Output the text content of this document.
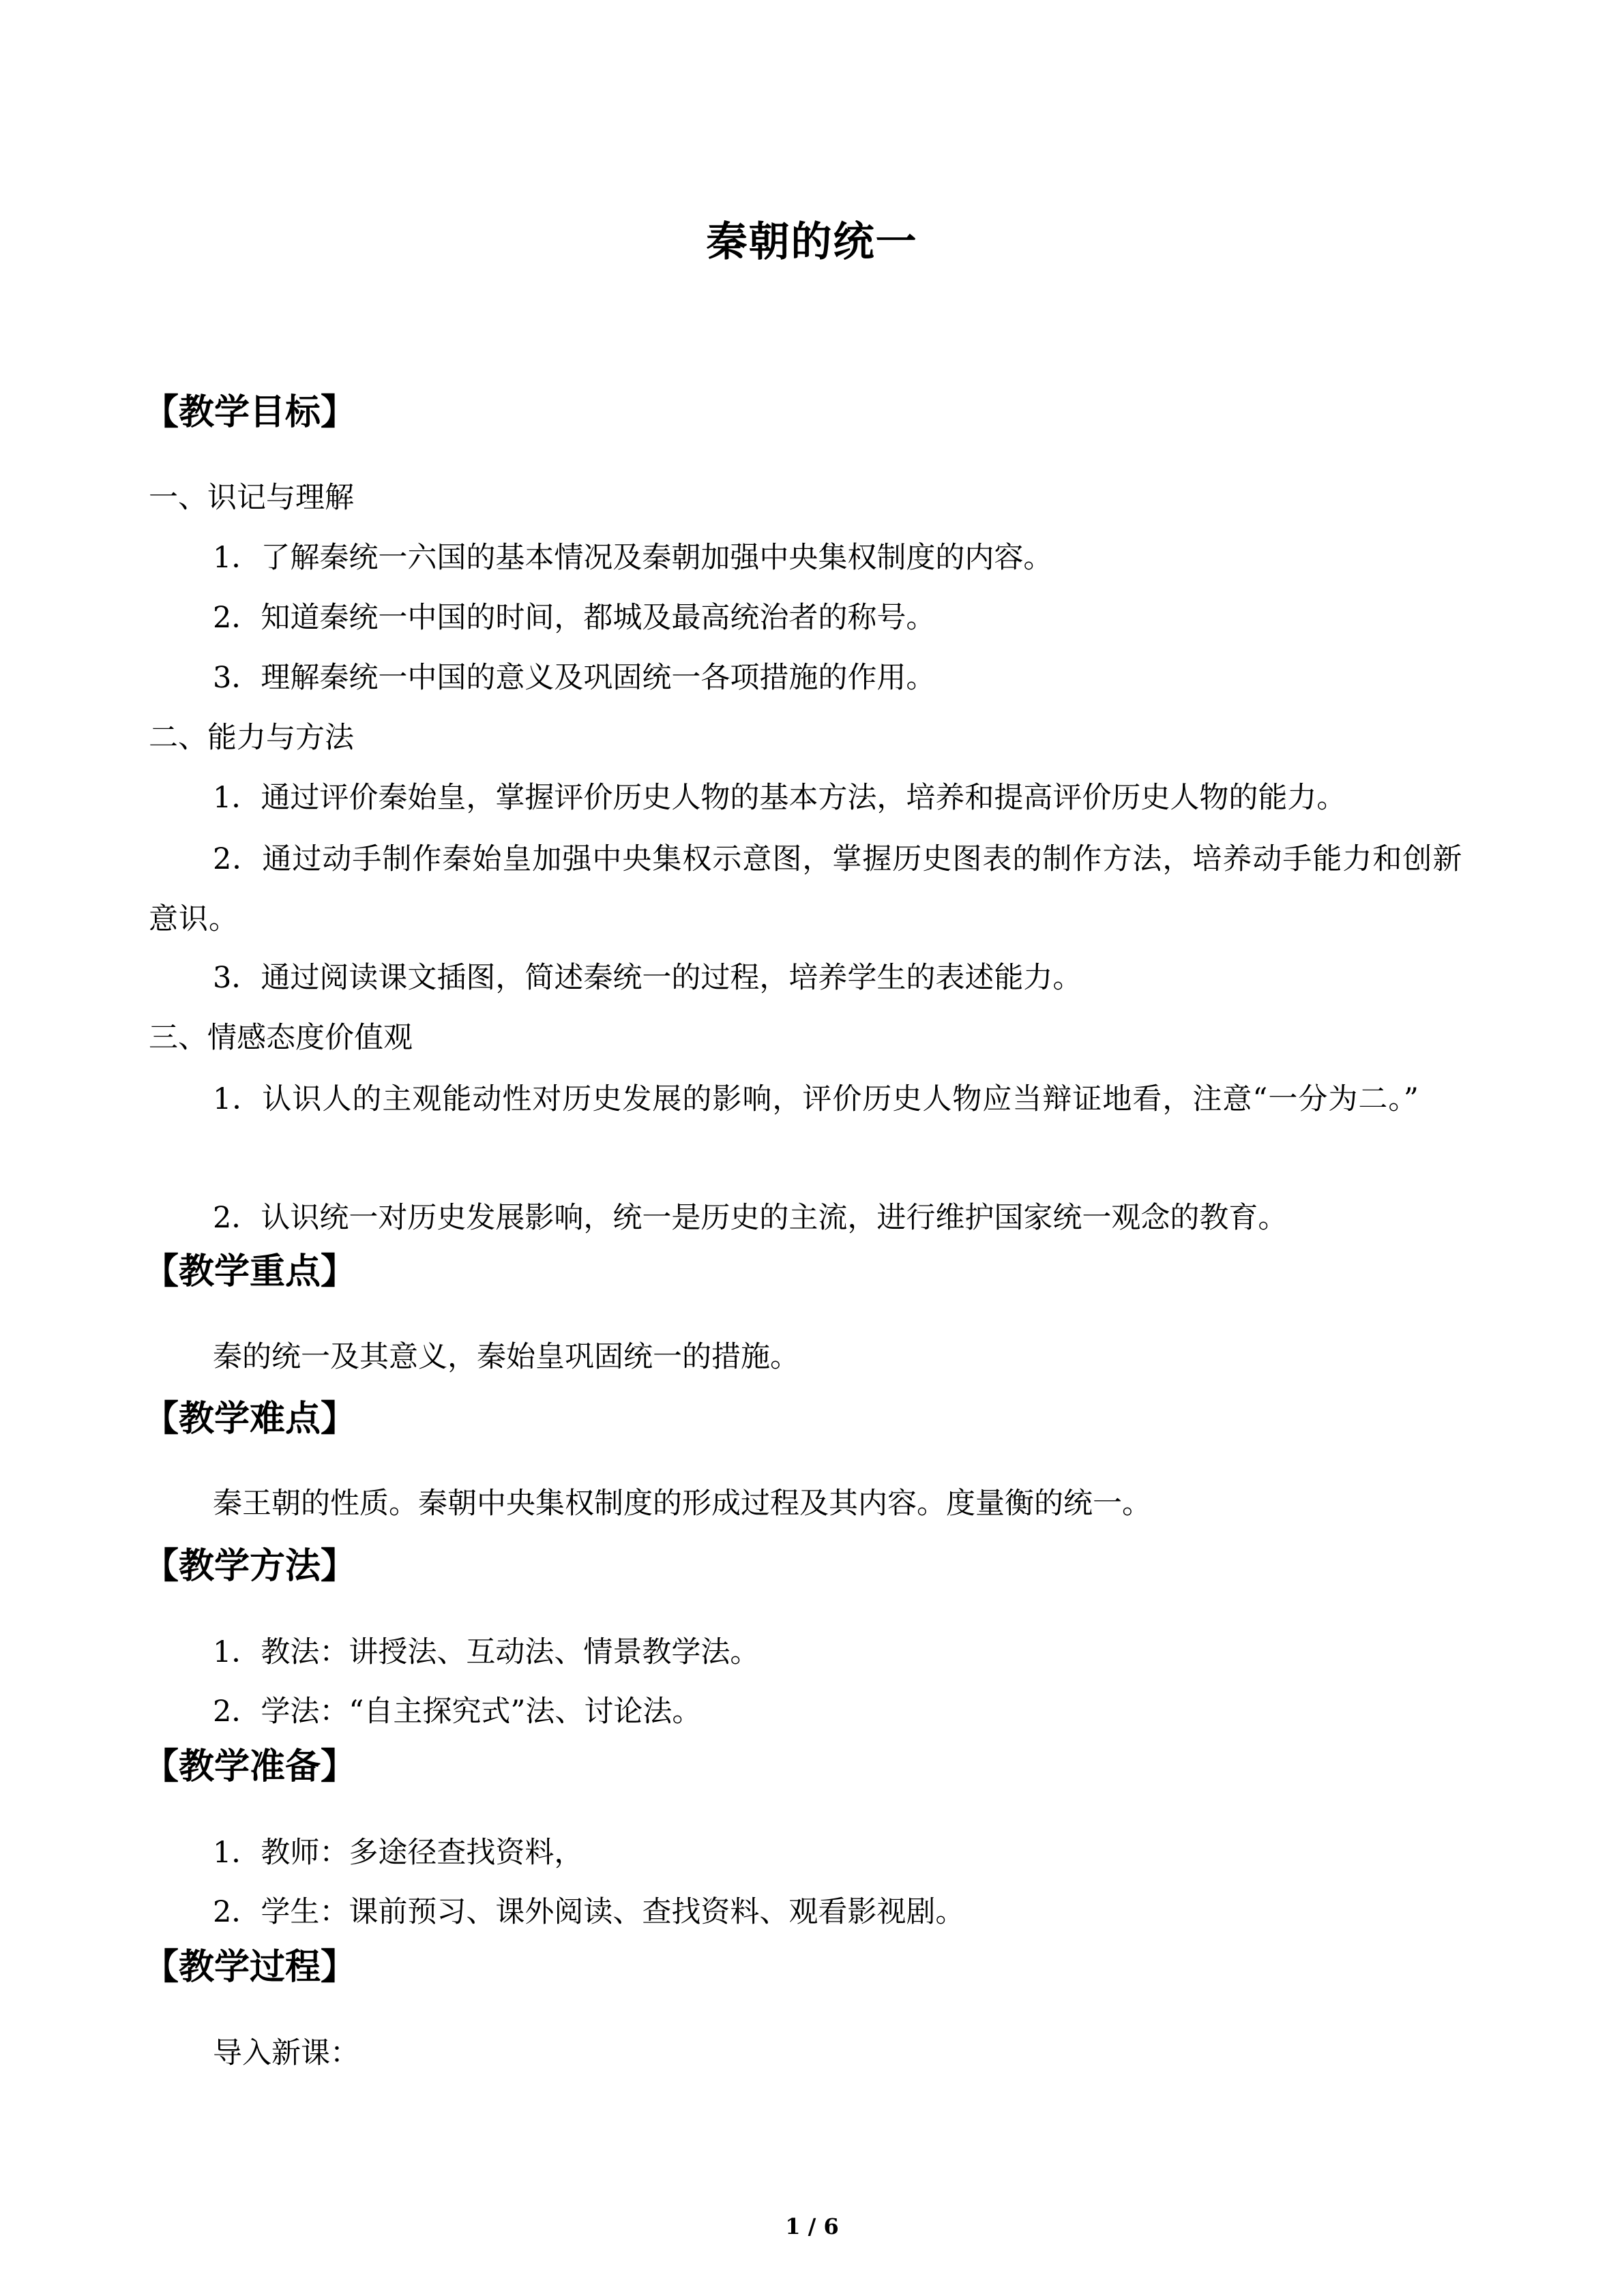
秦朝的统一
【教学目标】
一、识记与理解
1．了解秦统一六国的基本情况及秦朝加强中央集权制度的内容。
2．知道秦统一中国的时间，都城及最高统治者的称号。
3．理解秦统一中国的意义及巩固统一各项措施的作用。
二、能力与方法
1．通过评价秦始皇，掌握评价历史人物的基本方法，培养和提高评价历史人物的能力。
2．通过动手制作秦始皇加强中央集权示意图，掌握历史图表的制作方法，培养动手能力和创新意识。
3．通过阅读课文插图，简述秦统一的过程，培养学生的表述能力。
三、情感态度价值观
1．认识人的主观能动性对历史发展的影响，评价历史人物应当辩证地看，注意“一分为二。”
2．认识统一对历史发展影响，统一是历史的主流，进行维护国家统一观念的教育。
【教学重点】
秦的统一及其意义，秦始皇巩固统一的措施。
【教学难点】
秦王朝的性质。秦朝中央集权制度的形成过程及其内容。度量衡的统一。
【教学方法】
1．教法：讲授法、互动法、情景教学法。
2．学法：“自主探究式”法、讨论法。
【教学准备】
1．教师：多途径查找资料，
2．学生：课前预习、课外阅读、查找资料、观看影视剧。
【教学过程】
导入新课：
1 / 6
